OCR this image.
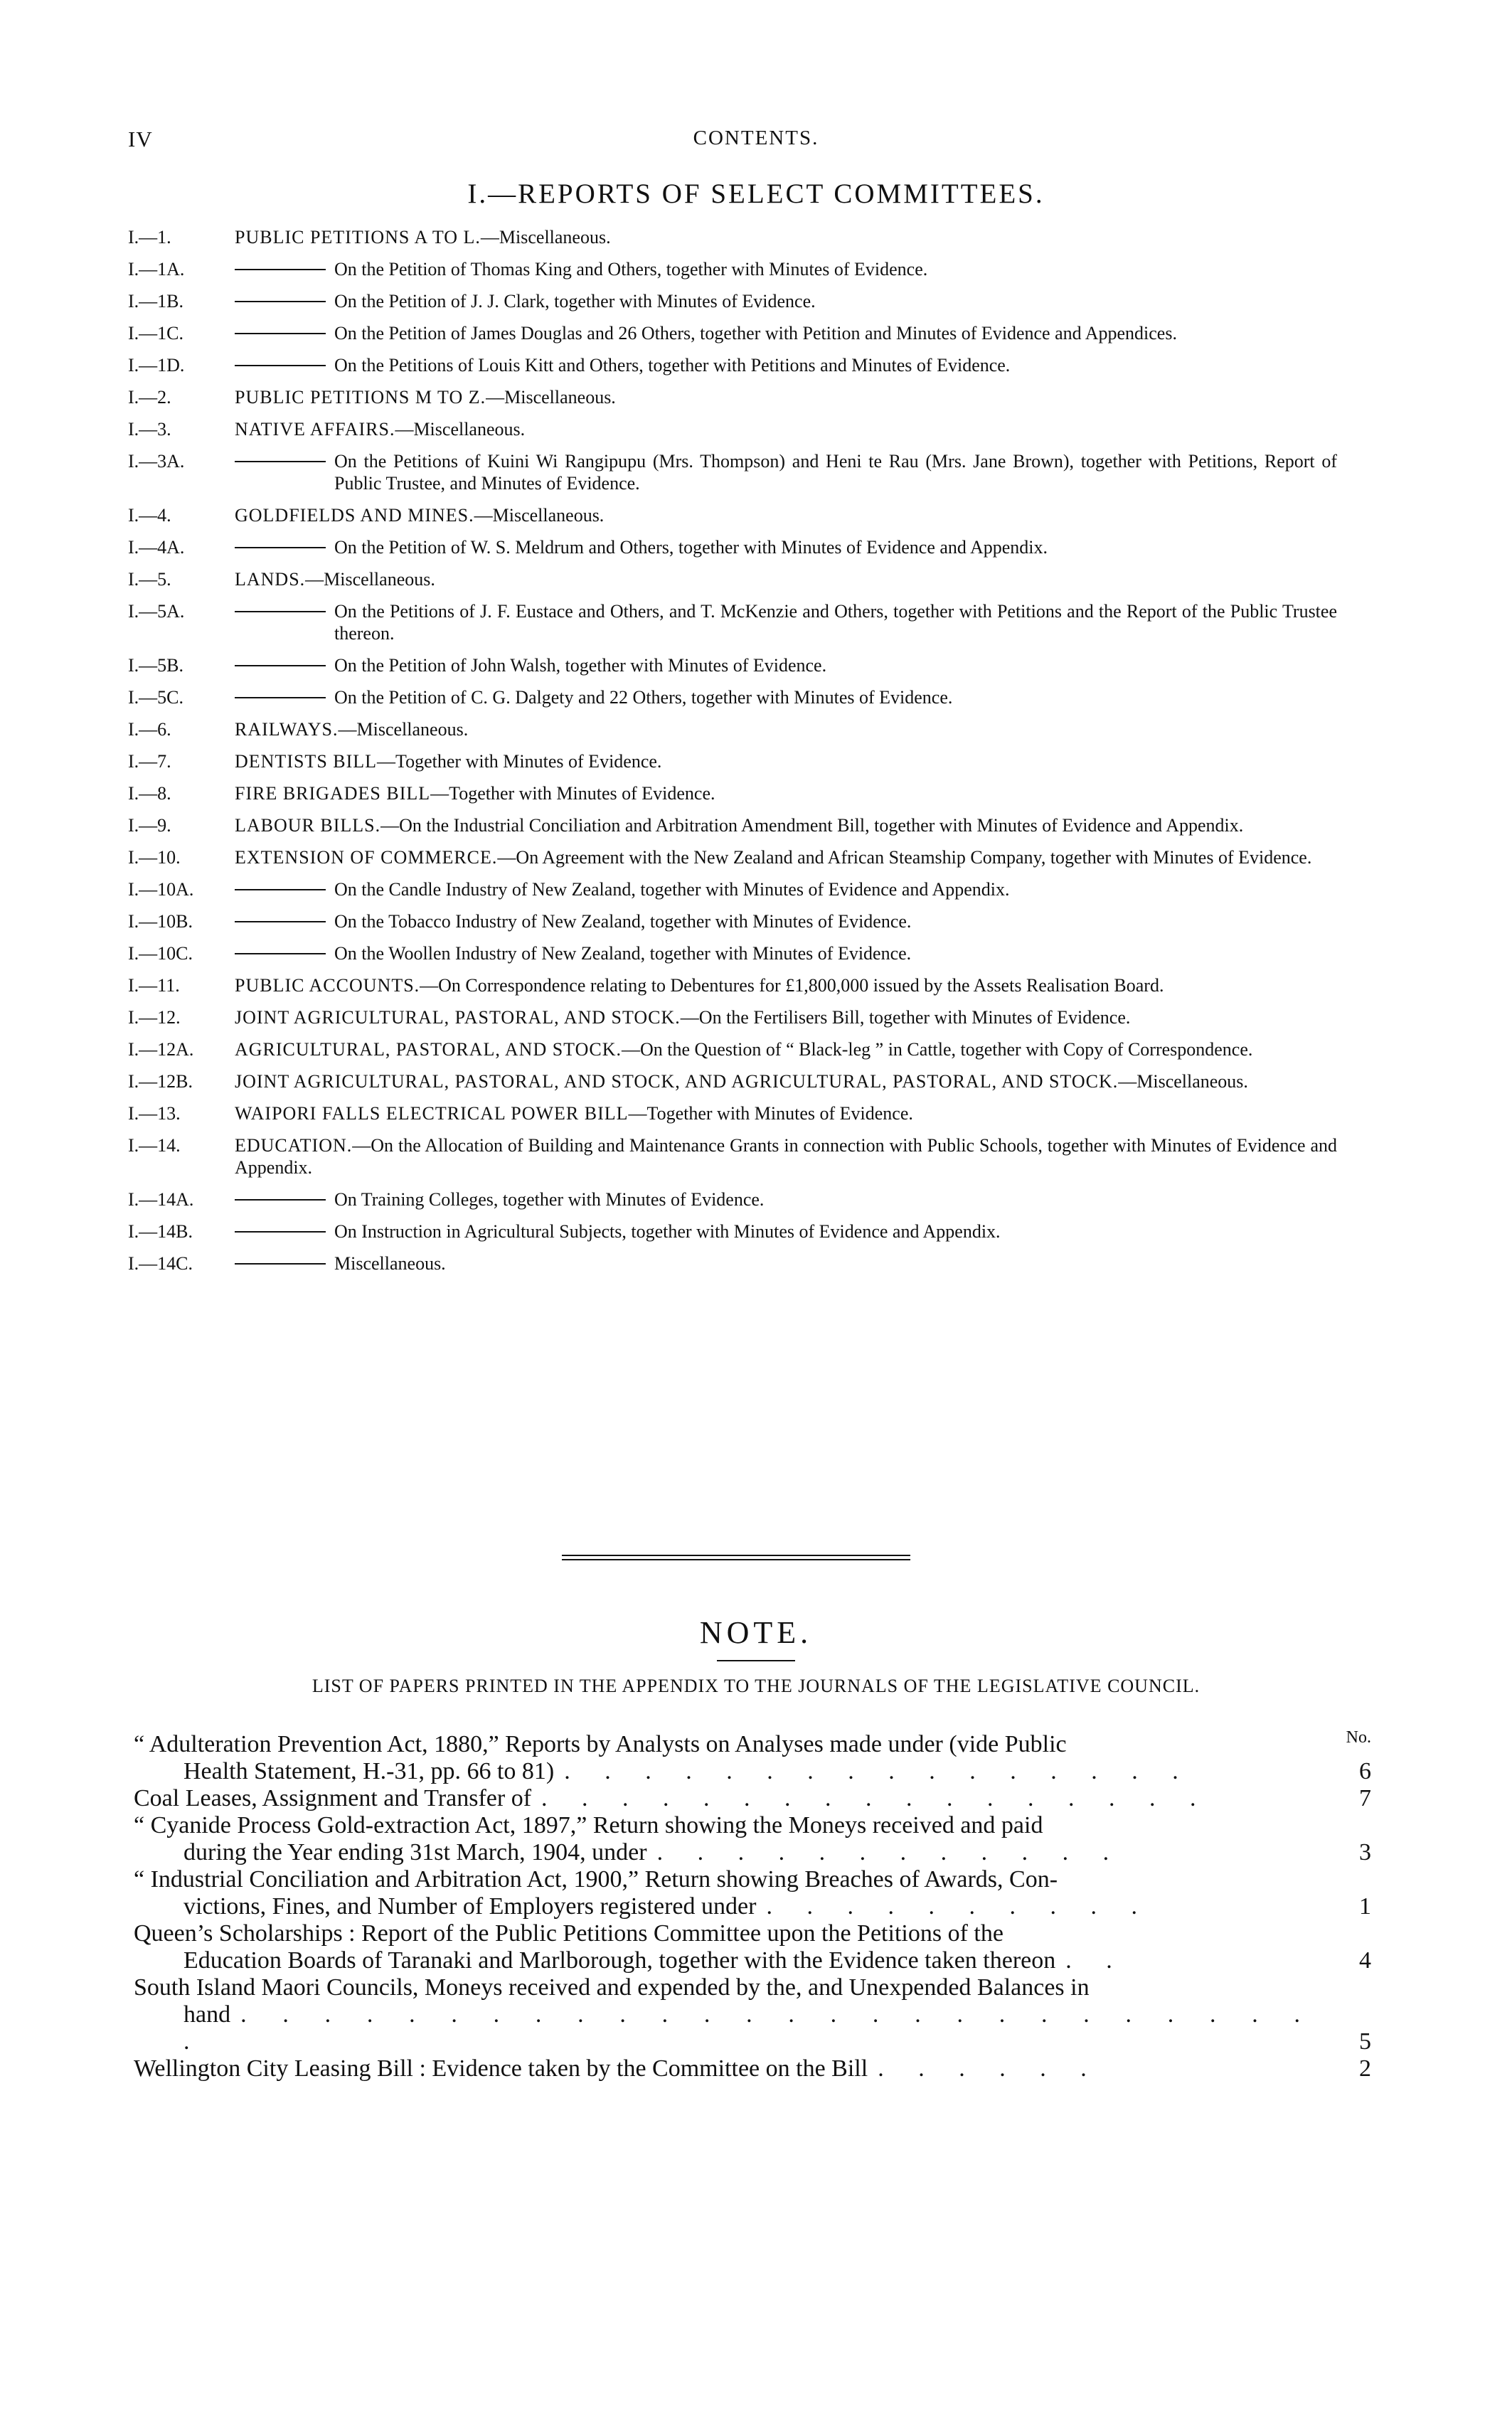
IV	CONTENTS.
I.—REPORTS OF SELECT COMMITTEES.
I.—1.	PUBLIC PETITIONS A TO L.—Miscellaneous.
I.—1A.	On the Petition of Thomas King and Others, together with Minutes of Evidence.
I.—1B.	On the Petition of J. J. Clark, together with Minutes of Evidence.
I.—1C.	On the Petition of James Douglas and 26 Others, together with Petition and Minutes of Evidence and Appendices.
I.—1D.	On the Petitions of Louis Kitt and Others, together with Petitions and Minutes of Evidence.
I.—2.	PUBLIC PETITIONS M TO Z.—Miscellaneous.
I.—3.	NATIVE AFFAIRS.—Miscellaneous.
I.—3A.	On the Petitions of Kuini Wi Rangipupu (Mrs. Thompson) and Heni te Rau (Mrs. Jane Brown), together with Petitions, Report of Public Trustee, and Minutes of Evidence.
I.—4.	GOLDFIELDS AND MINES.—Miscellaneous.
I.—4A.	On the Petition of W. S. Meldrum and Others, together with Minutes of Evidence and Appendix.
I.—5.	LANDS.—Miscellaneous.
I.—5A.	On the Petitions of J. F. Eustace and Others, and T. McKenzie and Others, together with Petitions and the Report of the Public Trustee thereon.
I.—5B.	On the Petition of John Walsh, together with Minutes of Evidence.
I.—5C.	On the Petition of C. G. Dalgety and 22 Others, together with Minutes of Evidence.
I.—6.	RAILWAYS.—Miscellaneous.
I.—7.	DENTISTS BILL—Together with Minutes of Evidence.
I.—8.	FIRE BRIGADES BILL—Together with Minutes of Evidence.
I.—9.	LABOUR BILLS.—On the Industrial Conciliation and Arbitration Amendment Bill, together with Minutes of Evidence and Appendix.
I.—10.	EXTENSION OF COMMERCE.—On Agreement with the New Zealand and African Steamship Company, together with Minutes of Evidence.
I.—10A.	On the Candle Industry of New Zealand, together with Minutes of Evidence and Appendix.
I.—10B.	On the Tobacco Industry of New Zealand, together with Minutes of Evidence.
I.—10C.	On the Woollen Industry of New Zealand, together with Minutes of Evidence.
I.—11.	PUBLIC ACCOUNTS.—On Correspondence relating to Debentures for £1,800,000 issued by the Assets Realisation Board.
I.—12.	JOINT AGRICULTURAL, PASTORAL, AND STOCK.—On the Fertilisers Bill, together with Minutes of Evidence.
I.—12A.	AGRICULTURAL, PASTORAL, AND STOCK.—On the Question of “ Black-leg ” in Cattle, together with Copy of Correspondence.
I.—12B.	JOINT AGRICULTURAL, PASTORAL, AND STOCK, AND AGRICULTURAL, PASTORAL, AND STOCK.—Miscellaneous.
I.—13.	WAIPORI FALLS ELECTRICAL POWER BILL—Together with Minutes of Evidence.
I.—14.	EDUCATION.—On the Allocation of Building and Maintenance Grants in connection with Public Schools, together with Minutes of Evidence and Appendix.
I.—14A.	On Training Colleges, together with Minutes of Evidence.
I.—14B.	On Instruction in Agricultural Subjects, together with Minutes of Evidence and Appendix.
I.—14C.	Miscellaneous.
NOTE.
LIST OF PAPERS PRINTED IN THE APPENDIX TO THE JOURNALS OF THE LEGISLATIVE COUNCIL.
No.
“ Adulteration Prevention Act, 1880,” Reports by Analysts on Analyses made under (vide Public
Health Statement, H.-31, pp. 66 to 81) . . . . . . . . . . . . . . . .	6
Coal Leases, Assignment and Transfer of . . . . . . . . . . . . . . . . .	7
“ Cyanide Process Gold-extraction Act, 1897,” Return showing the Moneys received and paid
during the Year ending 31st March, 1904, under . . . . . . . . . . . .	3
“ Industrial Conciliation and Arbitration Act, 1900,” Return showing Breaches of Awards, Con-
victions, Fines, and Number of Employers registered under . . . . . . . . . .	1
Queen’s Scholarships : Report of the Public Petitions Committee upon the Petitions of the
Education Boards of Taranaki and Marlborough, together with the Evidence taken thereon . .	4
South Island Maori Councils, Moneys received and expended by the, and Unexpended Balances in
hand . . . . . . . . . . . . . . . . . . . . . . . . . . .	5
Wellington City Leasing Bill : Evidence taken by the Committee on the Bill . . . . . .	2
